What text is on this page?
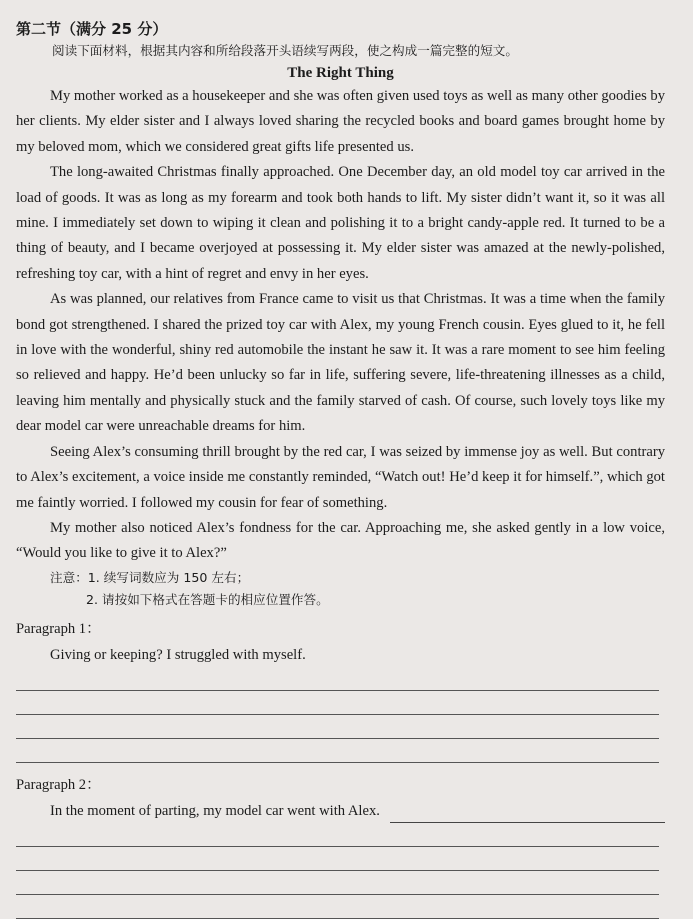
第二节（满分 25 分）

阅读下面材料，根据其内容和所给段落开头语续写两段，使之构成一篇完整的短文。

The Right Thing

My mother worked as a housekeeper and she was often given used toys as well as many other goodies by her clients. My elder sister and I always loved sharing the recycled books and board games brought home by my beloved mom, which we considered great gifts life presented us.

The long-awaited Christmas finally approached. One December day, an old model toy car arrived in the load of goods. It was as long as my forearm and took both hands to lift. My sister didn’t want it, so it was all mine. I immediately set down to wiping it clean and polishing it to a bright candy-apple red. It turned to be a thing of beauty, and I became overjoyed at possessing it. My elder sister was amazed at the newly-polished, refreshing toy car, with a hint of regret and envy in her eyes.

As was planned, our relatives from France came to visit us that Christmas. It was a time when the family bond got strengthened. I shared the prized toy car with Alex, my young French cousin. Eyes glued to it, he fell in love with the wonderful, shiny red automobile the instant he saw it. It was a rare moment to see him feeling so relieved and happy. He’d been unlucky so far in life, suffering severe, life-threatening illnesses as a child, leaving him mentally and physically stuck and the family starved of cash. Of course, such lovely toys like my dear model car were unreachable dreams for him.

Seeing Alex’s consuming thrill brought by the red car, I was seized by immense joy as well. But contrary to Alex’s excitement, a voice inside me constantly reminded, “Watch out! He’d keep it for himself.”, which got me faintly worried. I followed my cousin for fear of something.

My mother also noticed Alex’s fondness for the car. Approaching me, she asked gently in a low voice, “Would you like to give it to Alex?”

注意：1. 续写词数应为 150 左右；

2. 请按如下格式在答题卡的相应位置作答。

Paragraph 1：

Giving or keeping? I struggled with myself.

Paragraph 2：

In the moment of parting, my model car went with Alex.
